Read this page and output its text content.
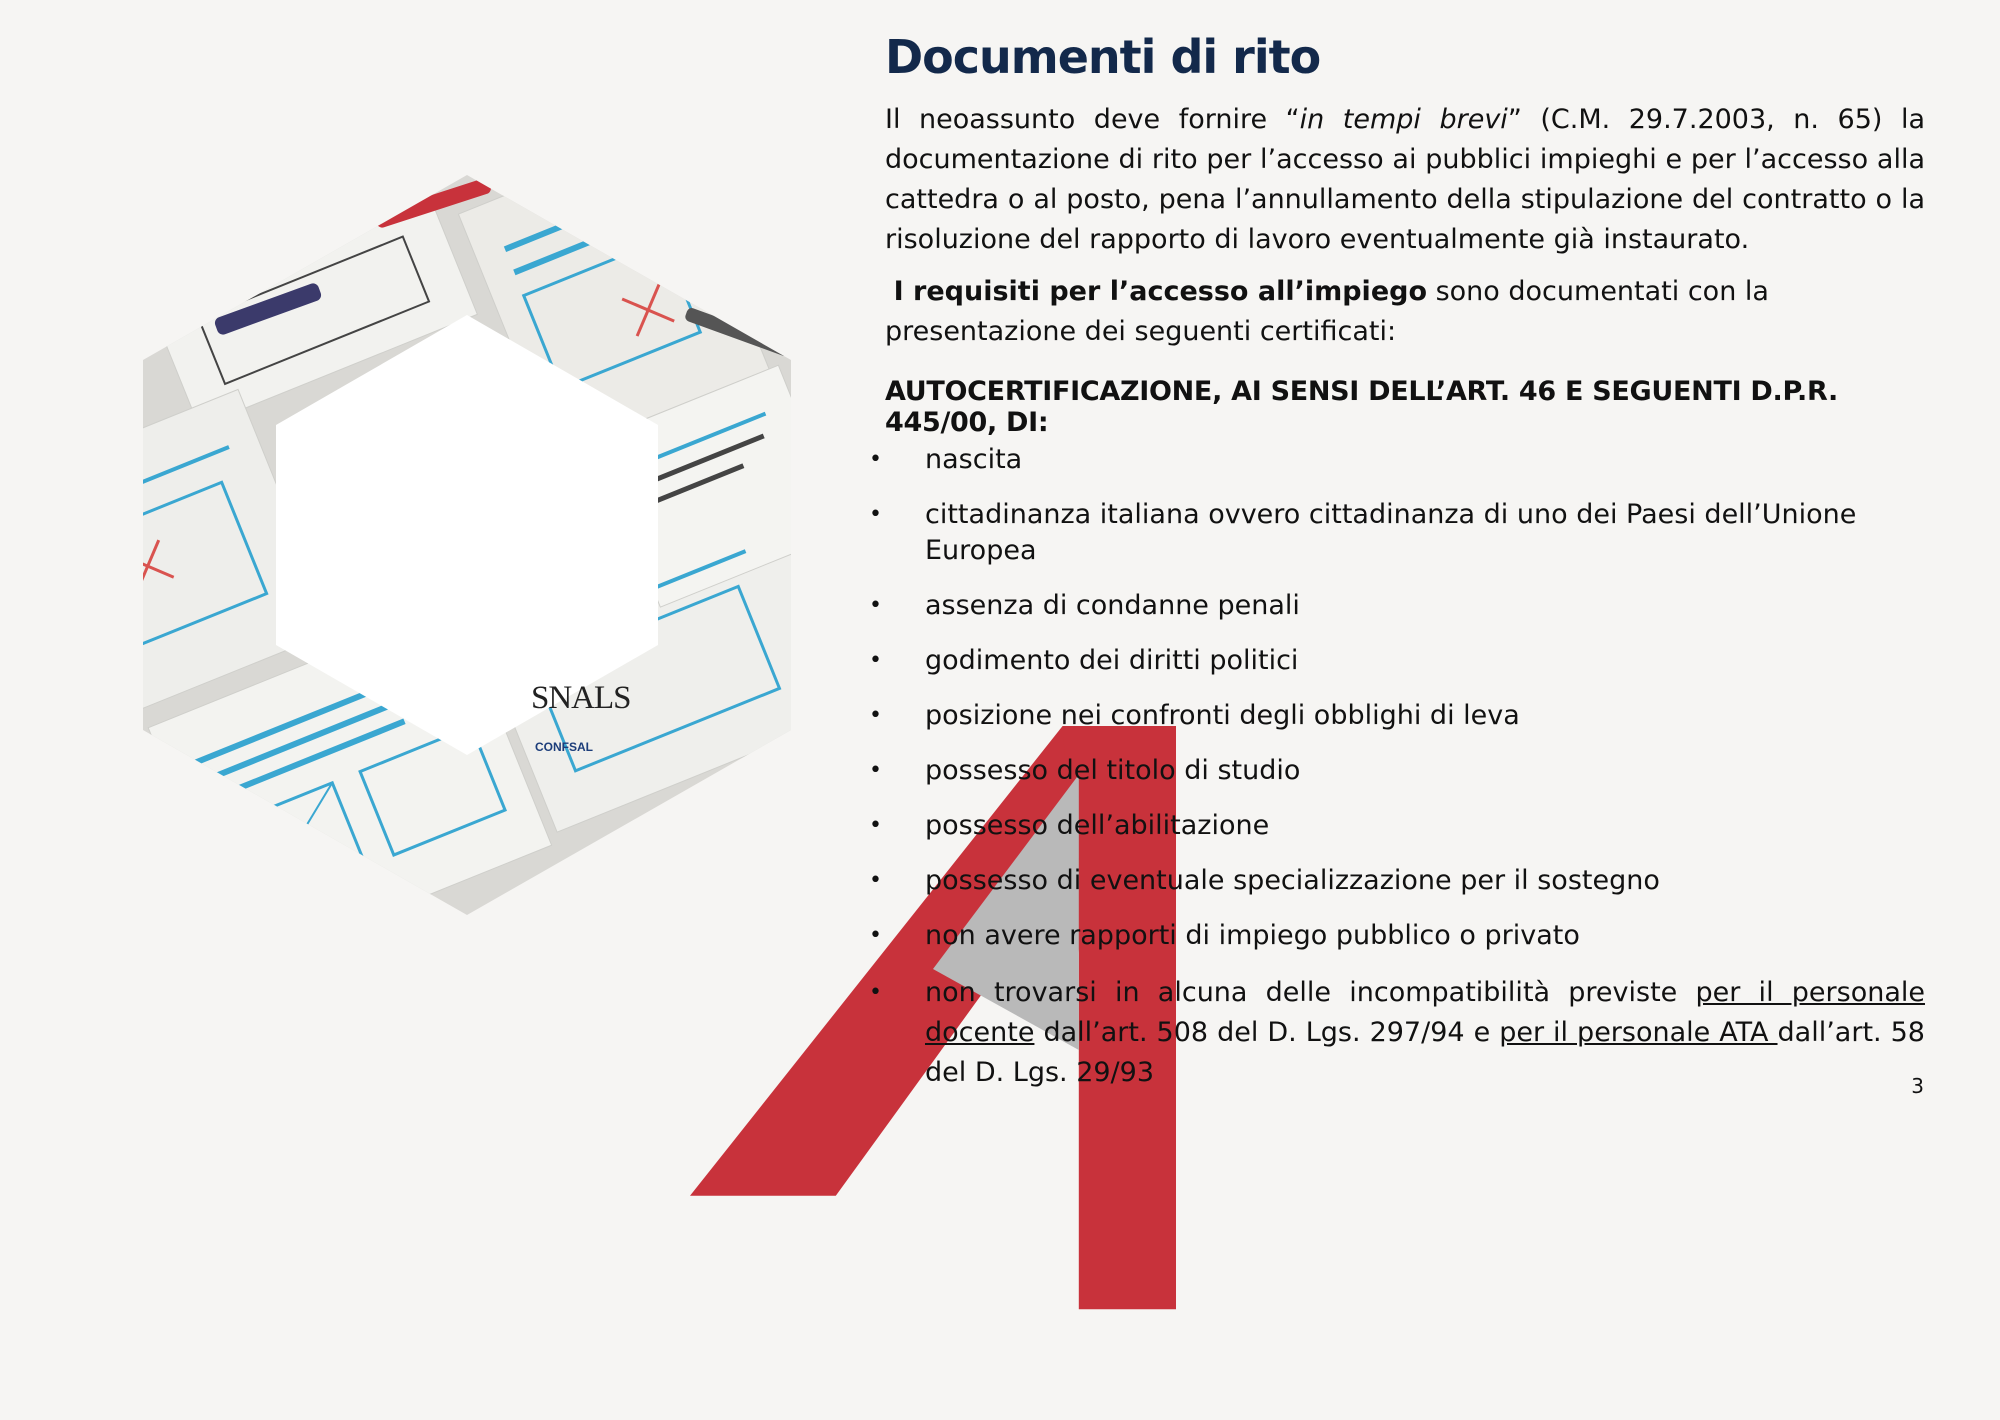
SNALS
CONFSAL
Documenti di rito

Il neoassunto deve fornire “in tempi brevi” (C.M. 29.7.2003, n. 65) la documentazione di rito per l’accesso ai pubblici impieghi e per l’accesso alla cattedra o al posto, pena l’annullamento della stipulazione del contratto o la risoluzione del rapporto di lavoro eventualmente già instaurato.

I requisiti per l’accesso all’impiego sono documentati con la presentazione dei seguenti certificati:

AUTOCERTIFICAZIONE, AI SENSI DELL’ART. 46 E SEGUENTI D.P.R. 445/00, DI:

• nascita
• cittadinanza italiana ovvero cittadinanza di uno dei Paesi dell’Unione Europea
• assenza di condanne penali
• godimento dei diritti politici
• posizione nei confronti degli obblighi di leva
• possesso del titolo di studio
• possesso dell’abilitazione
• possesso di eventuale specializzazione per il sostegno
• non avere rapporti di impiego pubblico o privato
• non trovarsi in alcuna delle incompatibilità previste per il personale docente dall’art. 508 del D. Lgs. 297/94 e per il personale ATA dall’art. 58 del D. Lgs. 29/93	3
